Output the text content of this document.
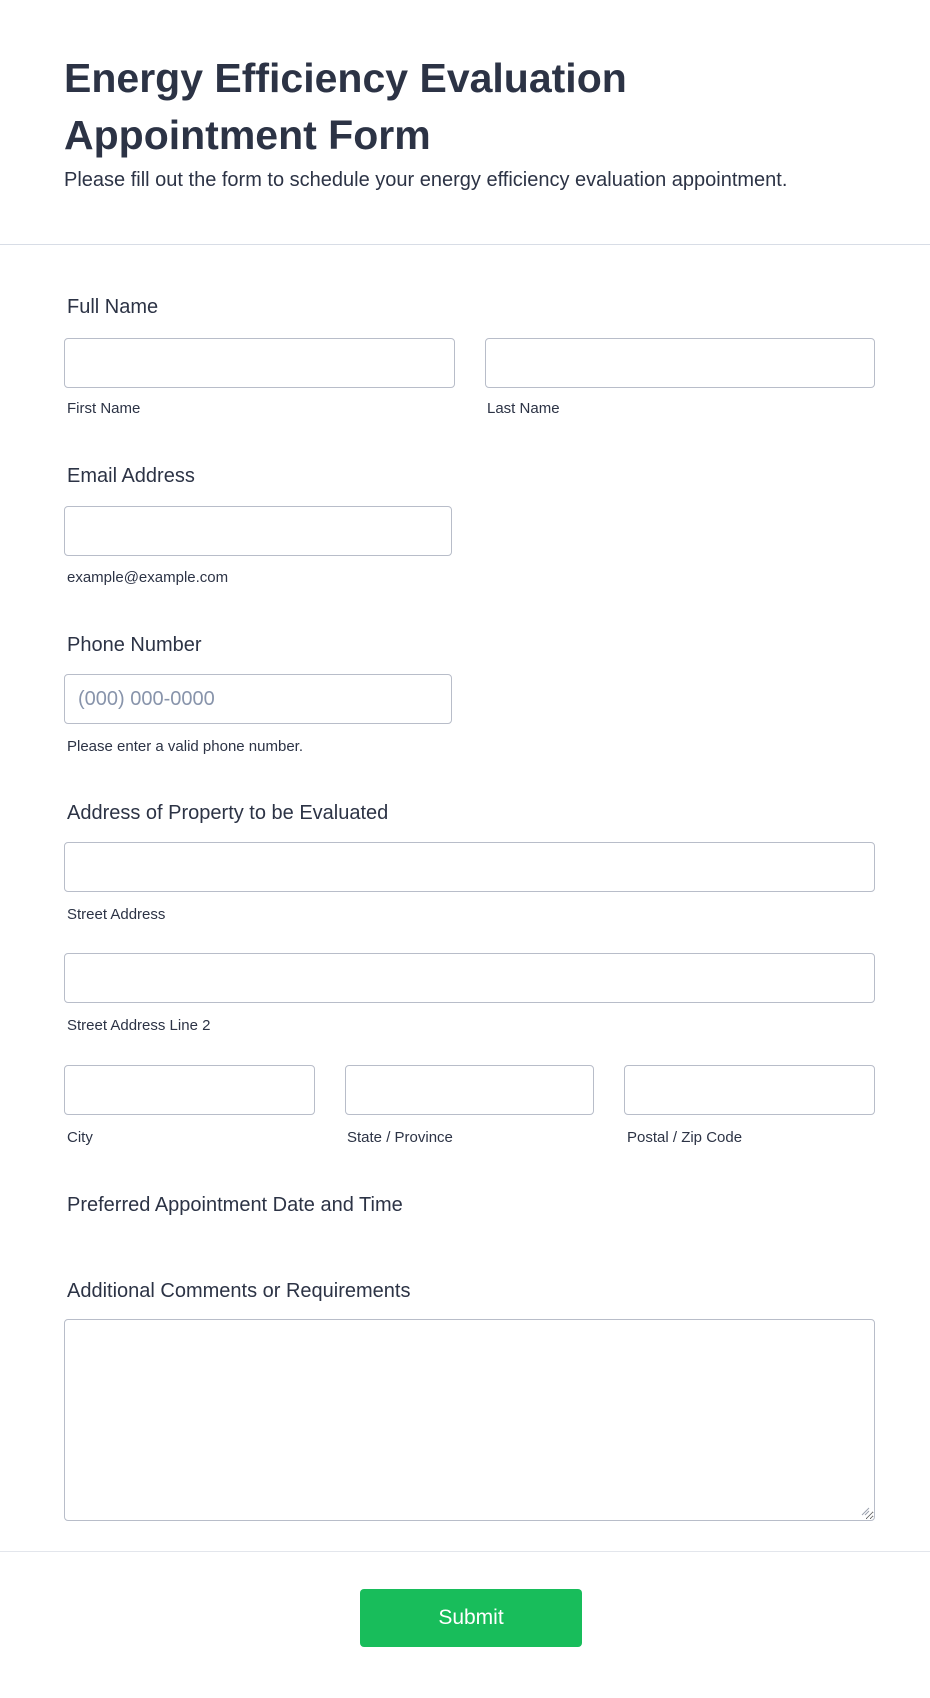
Energy Efficiency Evaluation Appointment Form

Please fill out the form to schedule your energy efficiency evaluation appointment.

Full Name
First Name	Last Name
Email Address
example@example.com
Phone Number
(000) 000-0000
Please enter a valid phone number.
Address of Property to be Evaluated
Street Address
Street Address Line 2
City	State / Province	Postal / Zip Code
Preferred Appointment Date and Time
Additional Comments or Requirements
Submit
